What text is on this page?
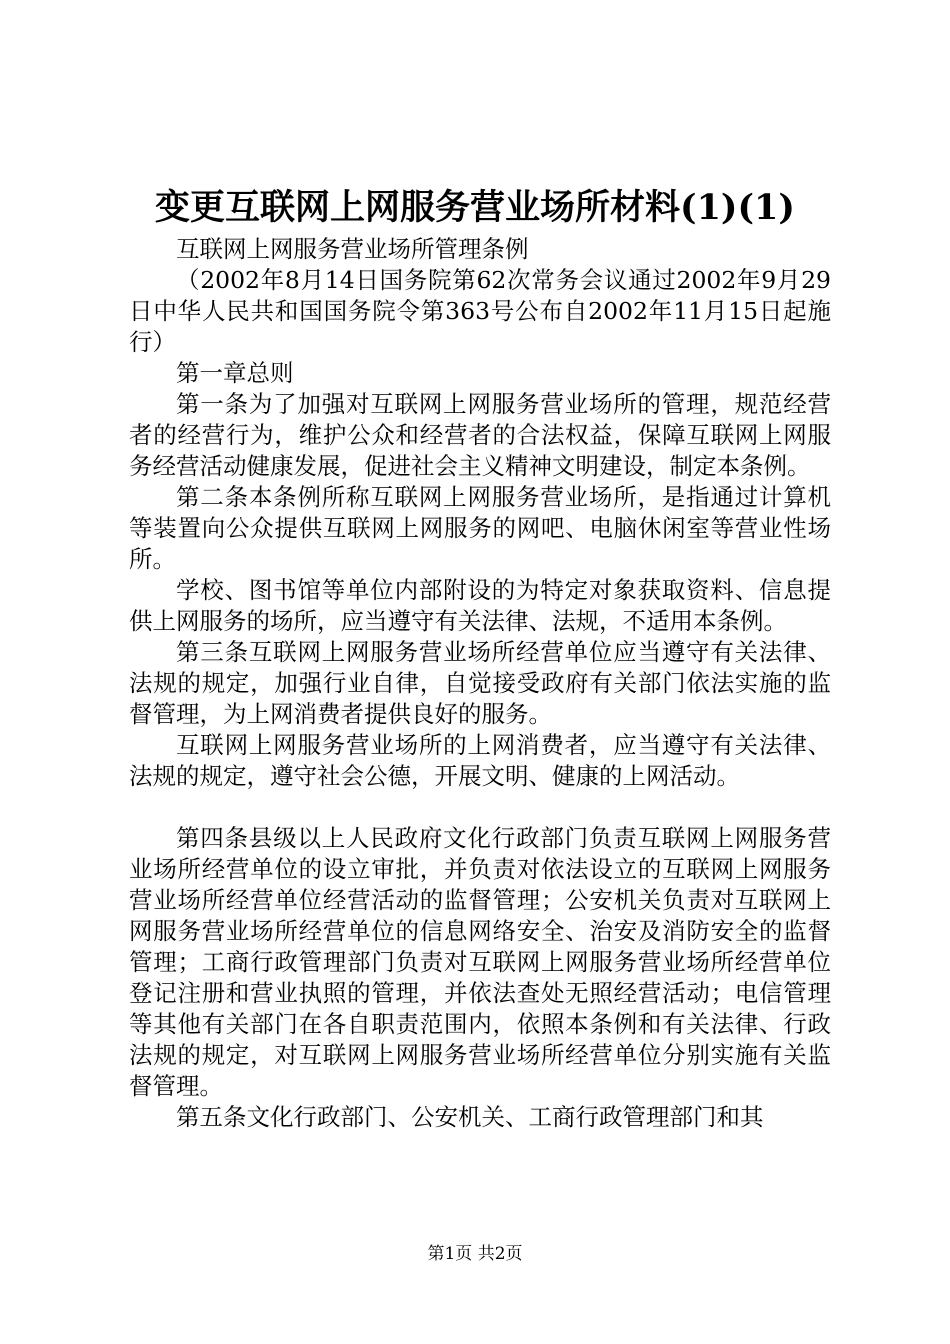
变更互联网上网服务营业场所材料(1)(1)

互联网上网服务营业场所管理条例

（2002年8月14日国务院第62次常务会议通过2002年9月29日中华人民共和国国务院令第363号公布自2002年11月15日起施行）

第一章总则

第一条为了加强对互联网上网服务营业场所的管理，规范经营者的经营行为，维护公众和经营者的合法权益，保障互联网上网服务经营活动健康发展，促进社会主义精神文明建设，制定本条例。

第二条本条例所称互联网上网服务营业场所，是指通过计算机等装置向公众提供互联网上网服务的网吧、电脑休闲室等营业性场所。

学校、图书馆等单位内部附设的为特定对象获取资料、信息提供上网服务的场所，应当遵守有关法律、法规，不适用本条例。

第三条互联网上网服务营业场所经营单位应当遵守有关法律、法规的规定，加强行业自律，自觉接受政府有关部门依法实施的监督管理，为上网消费者提供良好的服务。

互联网上网服务营业场所的上网消费者，应当遵守有关法律、法规的规定，遵守社会公德，开展文明、健康的上网活动。

第四条县级以上人民政府文化行政部门负责互联网上网服务营业场所经营单位的设立审批，并负责对依法设立的互联网上网服务营业场所经营单位经营活动的监督管理；公安机关负责对互联网上网服务营业场所经营单位的信息网络安全、治安及消防安全的监督管理；工商行政管理部门负责对互联网上网服务营业场所经营单位登记注册和营业执照的管理，并依法查处无照经营活动；电信管理等其他有关部门在各自职责范围内，依照本条例和有关法律、行政法规的规定，对互联网上网服务营业场所经营单位分别实施有关监督管理。

第五条文化行政部门、公安机关、工商行政管理部门和其

第1页 共2页
